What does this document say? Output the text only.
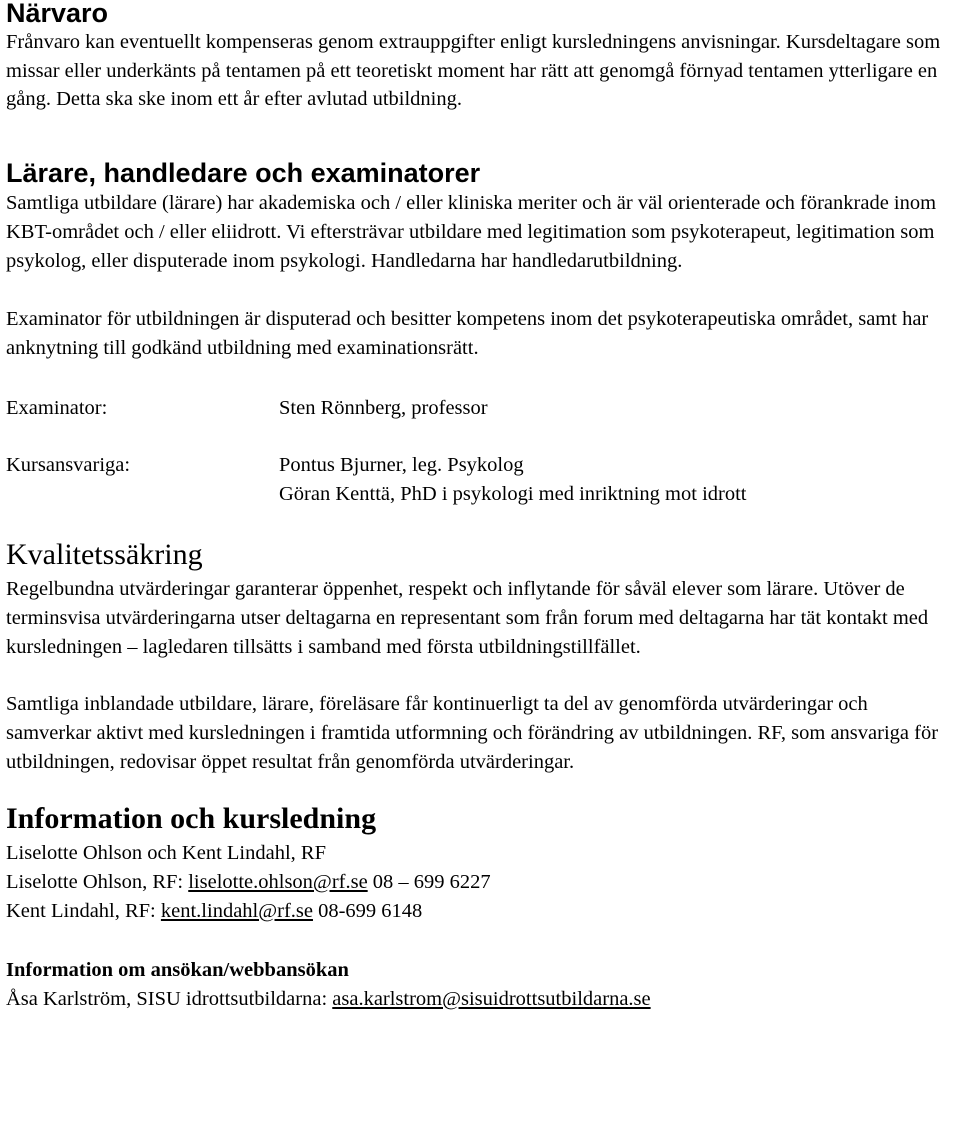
Närvaro

Frånvaro kan eventuellt kompenseras genom extrauppgifter enligt kursledningens anvisningar. Kursdeltagare som missar eller underkänts på tentamen på ett teoretiskt moment har rätt att genomgå förnyad tentamen ytterligare en gång. Detta ska ske inom ett år efter avlutad utbildning.

Lärare, handledare och examinatorer

Samtliga utbildare (lärare) har akademiska och / eller kliniska meriter och är väl orienterade och förankrade inom KBT-området och / eller eliidrott. Vi eftersträvar utbildare med legitimation som psykoterapeut, legitimation som psykolog, eller disputerade inom psykologi. Handledarna har handledarutbildning.

Examinator för utbildningen är disputerad och besitter kompetens inom det psykoterapeutiska området, samt har anknytning till godkänd utbildning med examinationsrätt.

Examinator:	Sten Rönnberg, professor
Kursansvariga:	Pontus Bjurner, leg. Psykolog
Göran Kenttä, PhD i psykologi med inriktning mot idrott
Kvalitetssäkring

Regelbundna utvärderingar garanterar öppenhet, respekt och inflytande för såväl elever som lärare. Utöver de terminsvisa utvärderingarna utser deltagarna en representant som från forum med deltagarna har tät kontakt med kursledningen – lagledaren tillsätts i samband med första utbildningstillfället.

Samtliga inblandade utbildare, lärare, föreläsare får kontinuerligt ta del av genomförda utvärderingar och samverkar aktivt med kursledningen i framtida utformning och förändring av utbildningen. RF, som ansvariga för utbildningen, redovisar öppet resultat från genomförda utvärderingar.

Information och kursledning

Liselotte Ohlson och Kent Lindahl, RF

Liselotte Ohlson, RF: liselotte.ohlson@rf.se 08 – 699 6227

Kent Lindahl, RF: kent.lindahl@rf.se 08-699 6148

Information om ansökan/webbansökan

Åsa Karlström, SISU idrottsutbildarna: asa.karlstrom@sisuidrottsutbildarna.se
